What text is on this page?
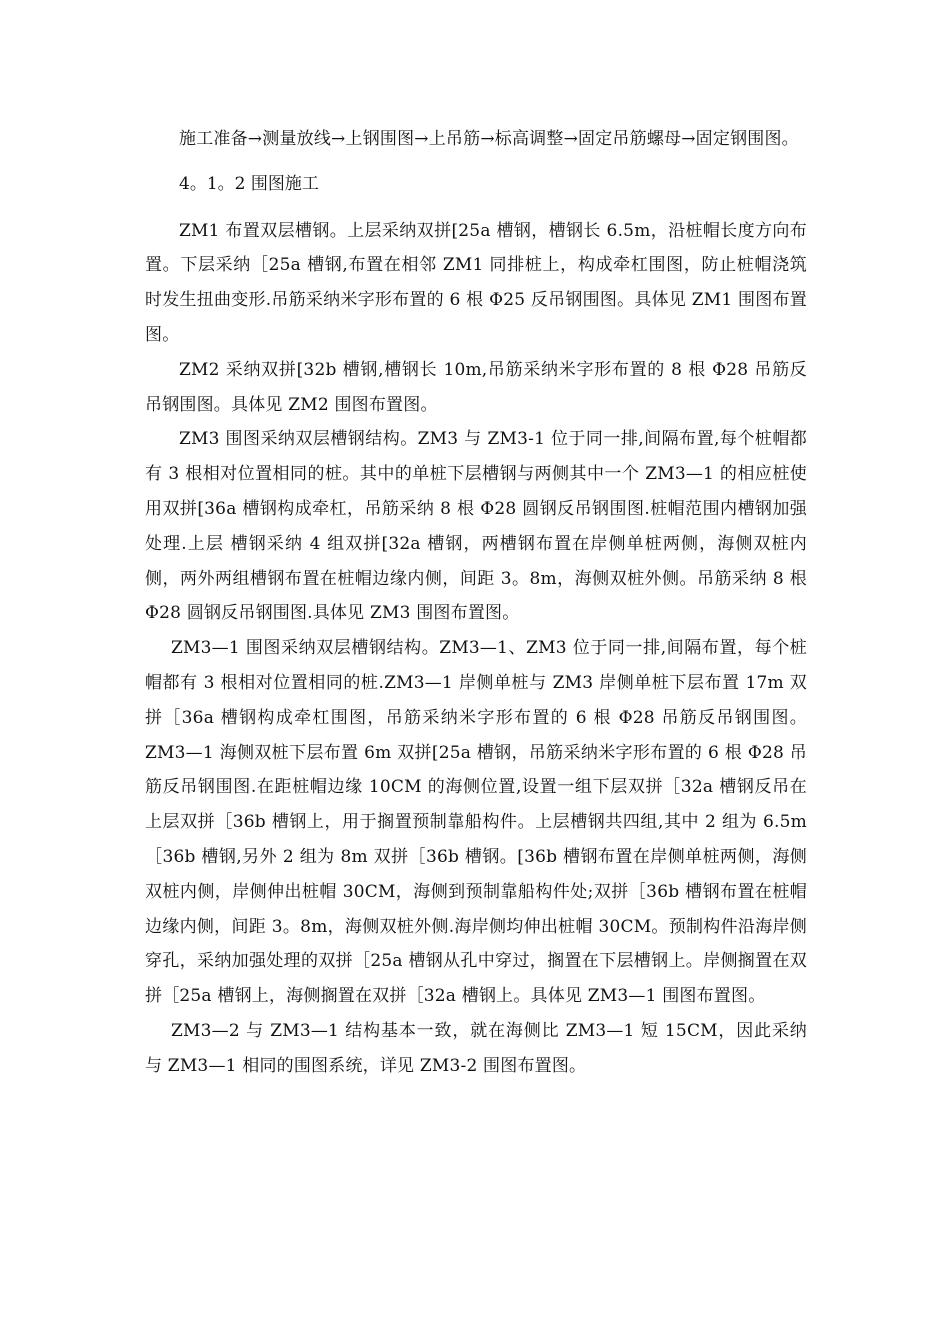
施工准备→测量放线→上钢围图→上吊筋→标高调整→固定吊筋螺母→固定钢围图。

4。1。2 围图施工

ZM1 布置双层槽钢。上层采纳双拼[25a 槽钢，槽钢长 6.5m，沿桩帽长度方向布置。下层采纳［25a 槽钢,布置在相邻 ZM1 同排桩上，构成牵杠围图，防止桩帽浇筑时发生扭曲变形.吊筋采纳米字形布置的 6 根 Φ25 反吊钢围图。具体见 ZM1 围图布置图。

ZM2 采纳双拼[32b 槽钢,槽钢长 10m,吊筋采纳米字形布置的 8 根 Φ28 吊筋反吊钢围图。具体见 ZM2 围图布置图。

ZM3 围图采纳双层槽钢结构。ZM3 与 ZM3-1 位于同一排,间隔布置,每个桩帽都有 3 根相对位置相同的桩。其中的单桩下层槽钢与两侧其中一个 ZM3—1 的相应桩使用双拼[36a 槽钢构成牵杠，吊筋采纳 8 根 Φ28 圆钢反吊钢围图.桩帽范围内槽钢加强处理.上层 槽钢采纳 4 组双拼[32a 槽钢，两槽钢布置在岸侧单桩两侧，海侧双桩内侧，两外两组槽钢布置在桩帽边缘内侧，间距 3。8m，海侧双桩外侧。吊筋采纳 8 根 Φ28 圆钢反吊钢围图.具体见 ZM3 围图布置图。

ZM3—1 围图采纳双层槽钢结构。ZM3—1、ZM3 位于同一排,间隔布置，每个桩帽都有 3 根相对位置相同的桩.ZM3—1 岸侧单桩与 ZM3 岸侧单桩下层布置 17m 双拼［36a 槽钢构成牵杠围图，吊筋采纳米字形布置的 6 根 Φ28 吊筋反吊钢围图。ZM3—1 海侧双桩下层布置 6m 双拼[25a 槽钢，吊筋采纳米字形布置的 6 根 Φ28 吊筋反吊钢围图.在距桩帽边缘 10CM 的海侧位置,设置一组下层双拼［32a 槽钢反吊在上层双拼［36b 槽钢上，用于搁置预制靠船构件。上层槽钢共四组,其中 2 组为 6.5m［36b 槽钢,另外 2 组为 8m 双拼［36b 槽钢。[36b 槽钢布置在岸侧单桩两侧，海侧双桩内侧，岸侧伸出桩帽 30CM，海侧到预制靠船构件处;双拼［36b 槽钢布置在桩帽边缘内侧，间距 3。8m，海侧双桩外侧.海岸侧均伸出桩帽 30CM。预制构件沿海岸侧穿孔，采纳加强处理的双拼［25a 槽钢从孔中穿过，搁置在下层槽钢上。岸侧搁置在双拼［25a 槽钢上，海侧搁置在双拼［32a 槽钢上。具体见 ZM3—1 围图布置图。

ZM3—2 与 ZM3—1 结构基本一致，就在海侧比 ZM3—1 短 15CM，因此采纳与 ZM3—1 相同的围图系统，详见 ZM3-2 围图布置图。
